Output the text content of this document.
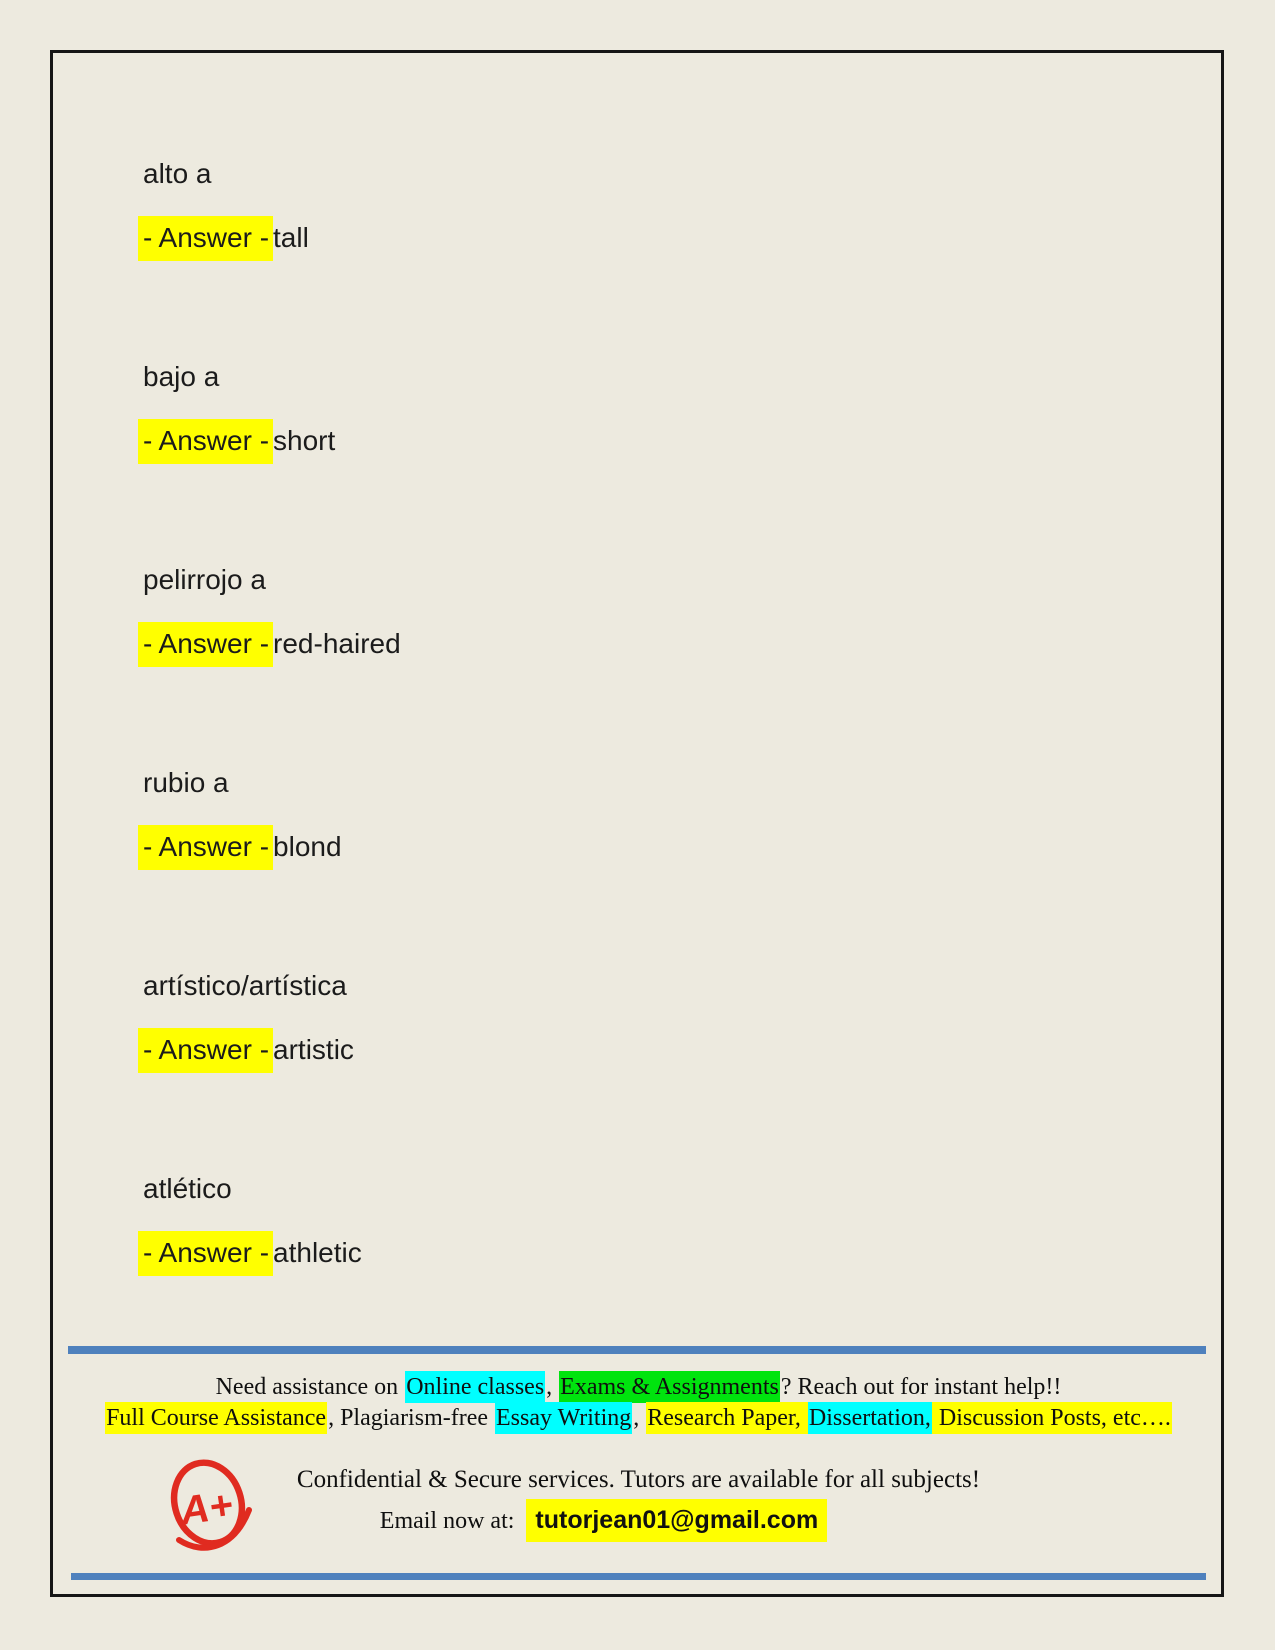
alto a

- Answer - tall

bajo a

- Answer - short

pelirrojo a

- Answer - red-haired

rubio a

- Answer - blond

artístico/artística

- Answer - artistic

atlético

- Answer - athletic

Need assistance on Online classes, Exams & Assignments? Reach out for instant help!!

Full Course Assistance, Plagiarism-free Essay Writing, Research Paper, Dissertation, Discussion Posts, etc….

A+

Confidential & Secure services. Tutors are available for all subjects!

Email now at: tutorjean01@gmail.com
